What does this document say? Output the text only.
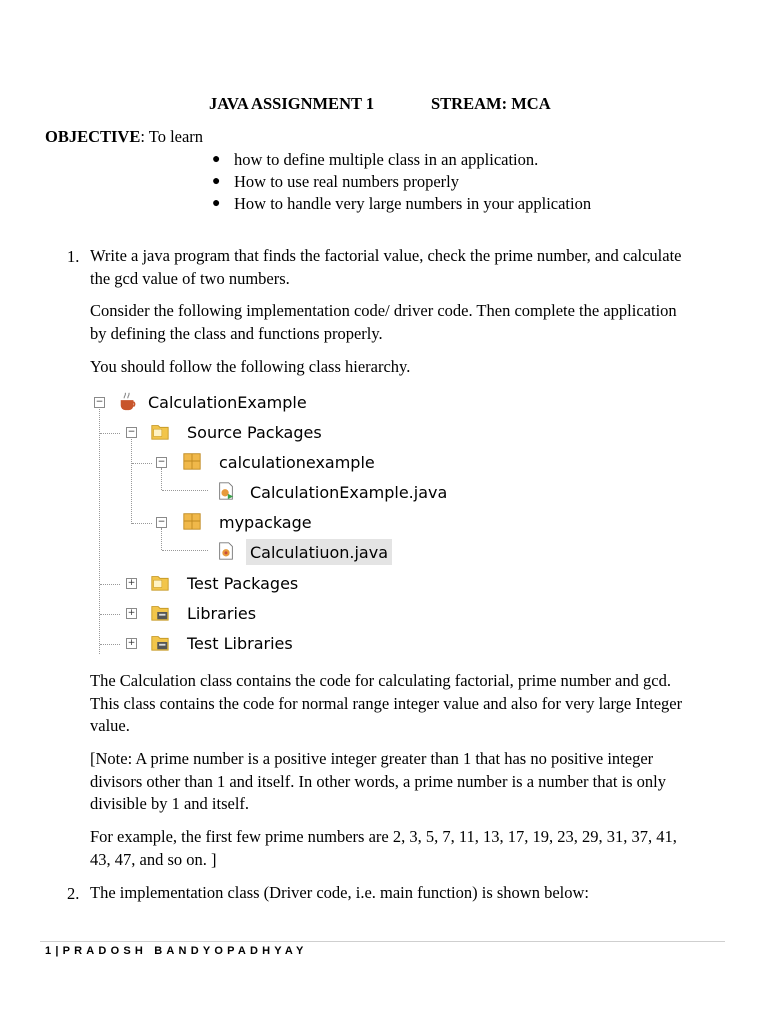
JAVA ASSIGNMENT 1	STREAM: MCA
OBJECTIVE: To learn
● how to define multiple class in an application.
● How to use real numbers properly
● How to handle very large numbers in your application
1. Write a java program that finds the factorial value, check the prime number, and calculate
the gcd value of two numbers.
Consider the following implementation code/ driver code. Then complete the application
by defining the class and functions properly.
You should follow the following class hierarchy.
−	CalculationExample
−	Source Packages
−	calculationexample
CalculationExample.java
−	mypackage
Calculatiuon.java
+	Test Packages
+	Libraries
+	Test Libraries
The Calculation class contains the code for calculating factorial, prime number and gcd.
This class contains the code for normal range integer value and also for very large Integer
value.
[Note: A prime number is a positive integer greater than 1 that has no positive integer
divisors other than 1 and itself. In other words, a prime number is a number that is only
divisible by 1 and itself.
For example, the first few prime numbers are 2, 3, 5, 7, 11, 13, 17, 19, 23, 29, 31, 37, 41,
43, 47, and so on. ]
2. The implementation class (Driver code, i.e. main function) is shown below:
1|PRADOSH BANDYOPADHYAY
